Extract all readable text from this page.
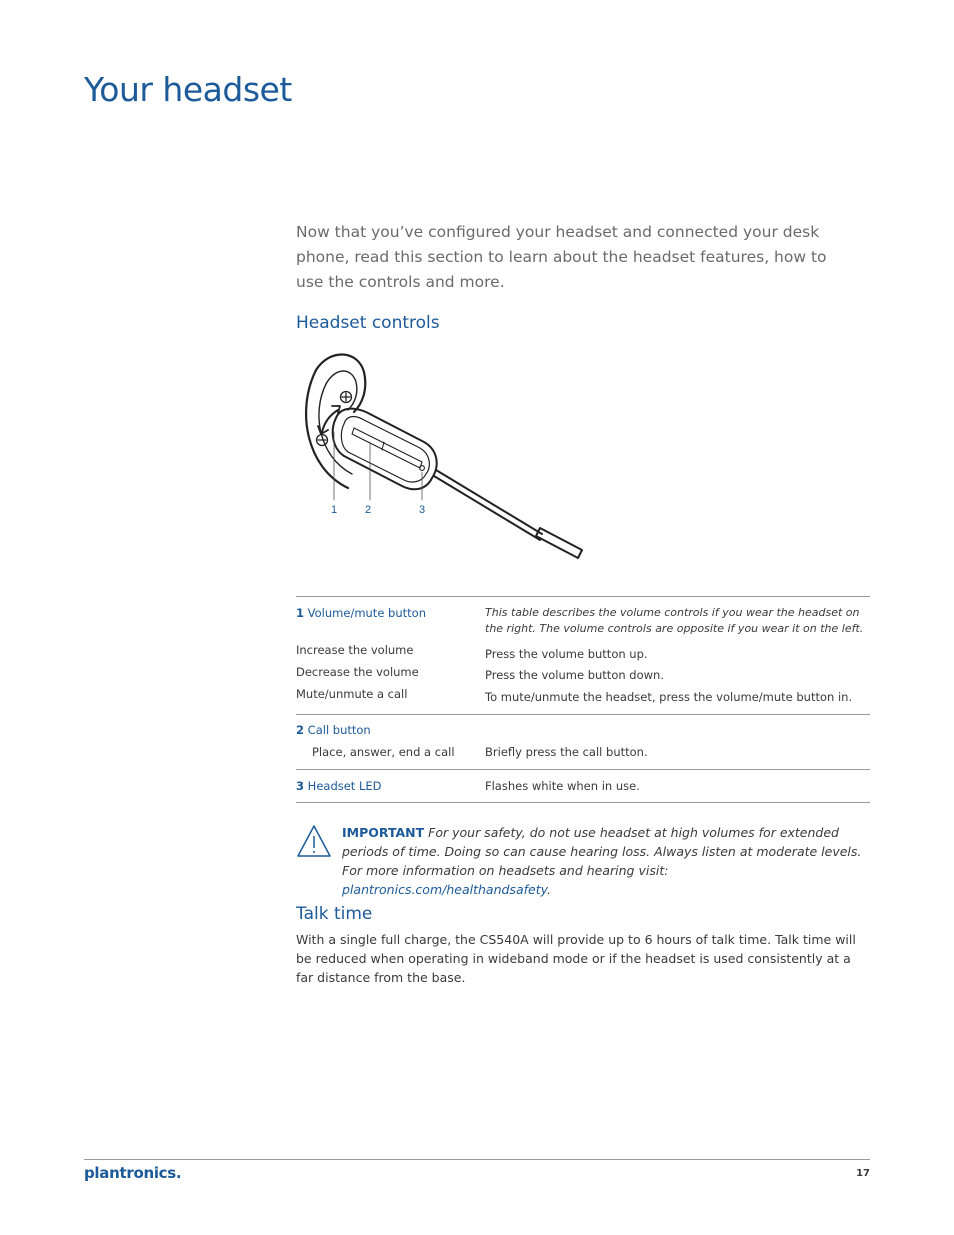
Your headset
Now that you’ve configured your headset and connected your desk phone, read this section to learn about the headset features, how to use the controls and more.
Headset controls
1	2	3
1 Volume/mute button	This table describes the volume controls if you wear the headset on the right. The volume controls are opposite if you wear it on the left.
Increase the volume	Press the volume button up.
Decrease the volume	Press the volume button down.
Mute/unmute a call	To mute/unmute the headset, press the volume/mute button in.
2 Call button
Place, answer, end a call	Briefly press the call button.
3 Headset LED	Flashes white when in use.
IMPORTANT For your safety, do not use headset at high volumes for extended periods of time. Doing so can cause hearing loss. Always listen at moderate levels. For more information on headsets and hearing visit: plantronics.com/healthandsafety.
Talk time
With a single full charge, the CS540A will provide up to 6 hours of talk time. Talk time will be reduced when operating in wideband mode or if the headset is used consistently at a far distance from the base.
plantronics.	17
